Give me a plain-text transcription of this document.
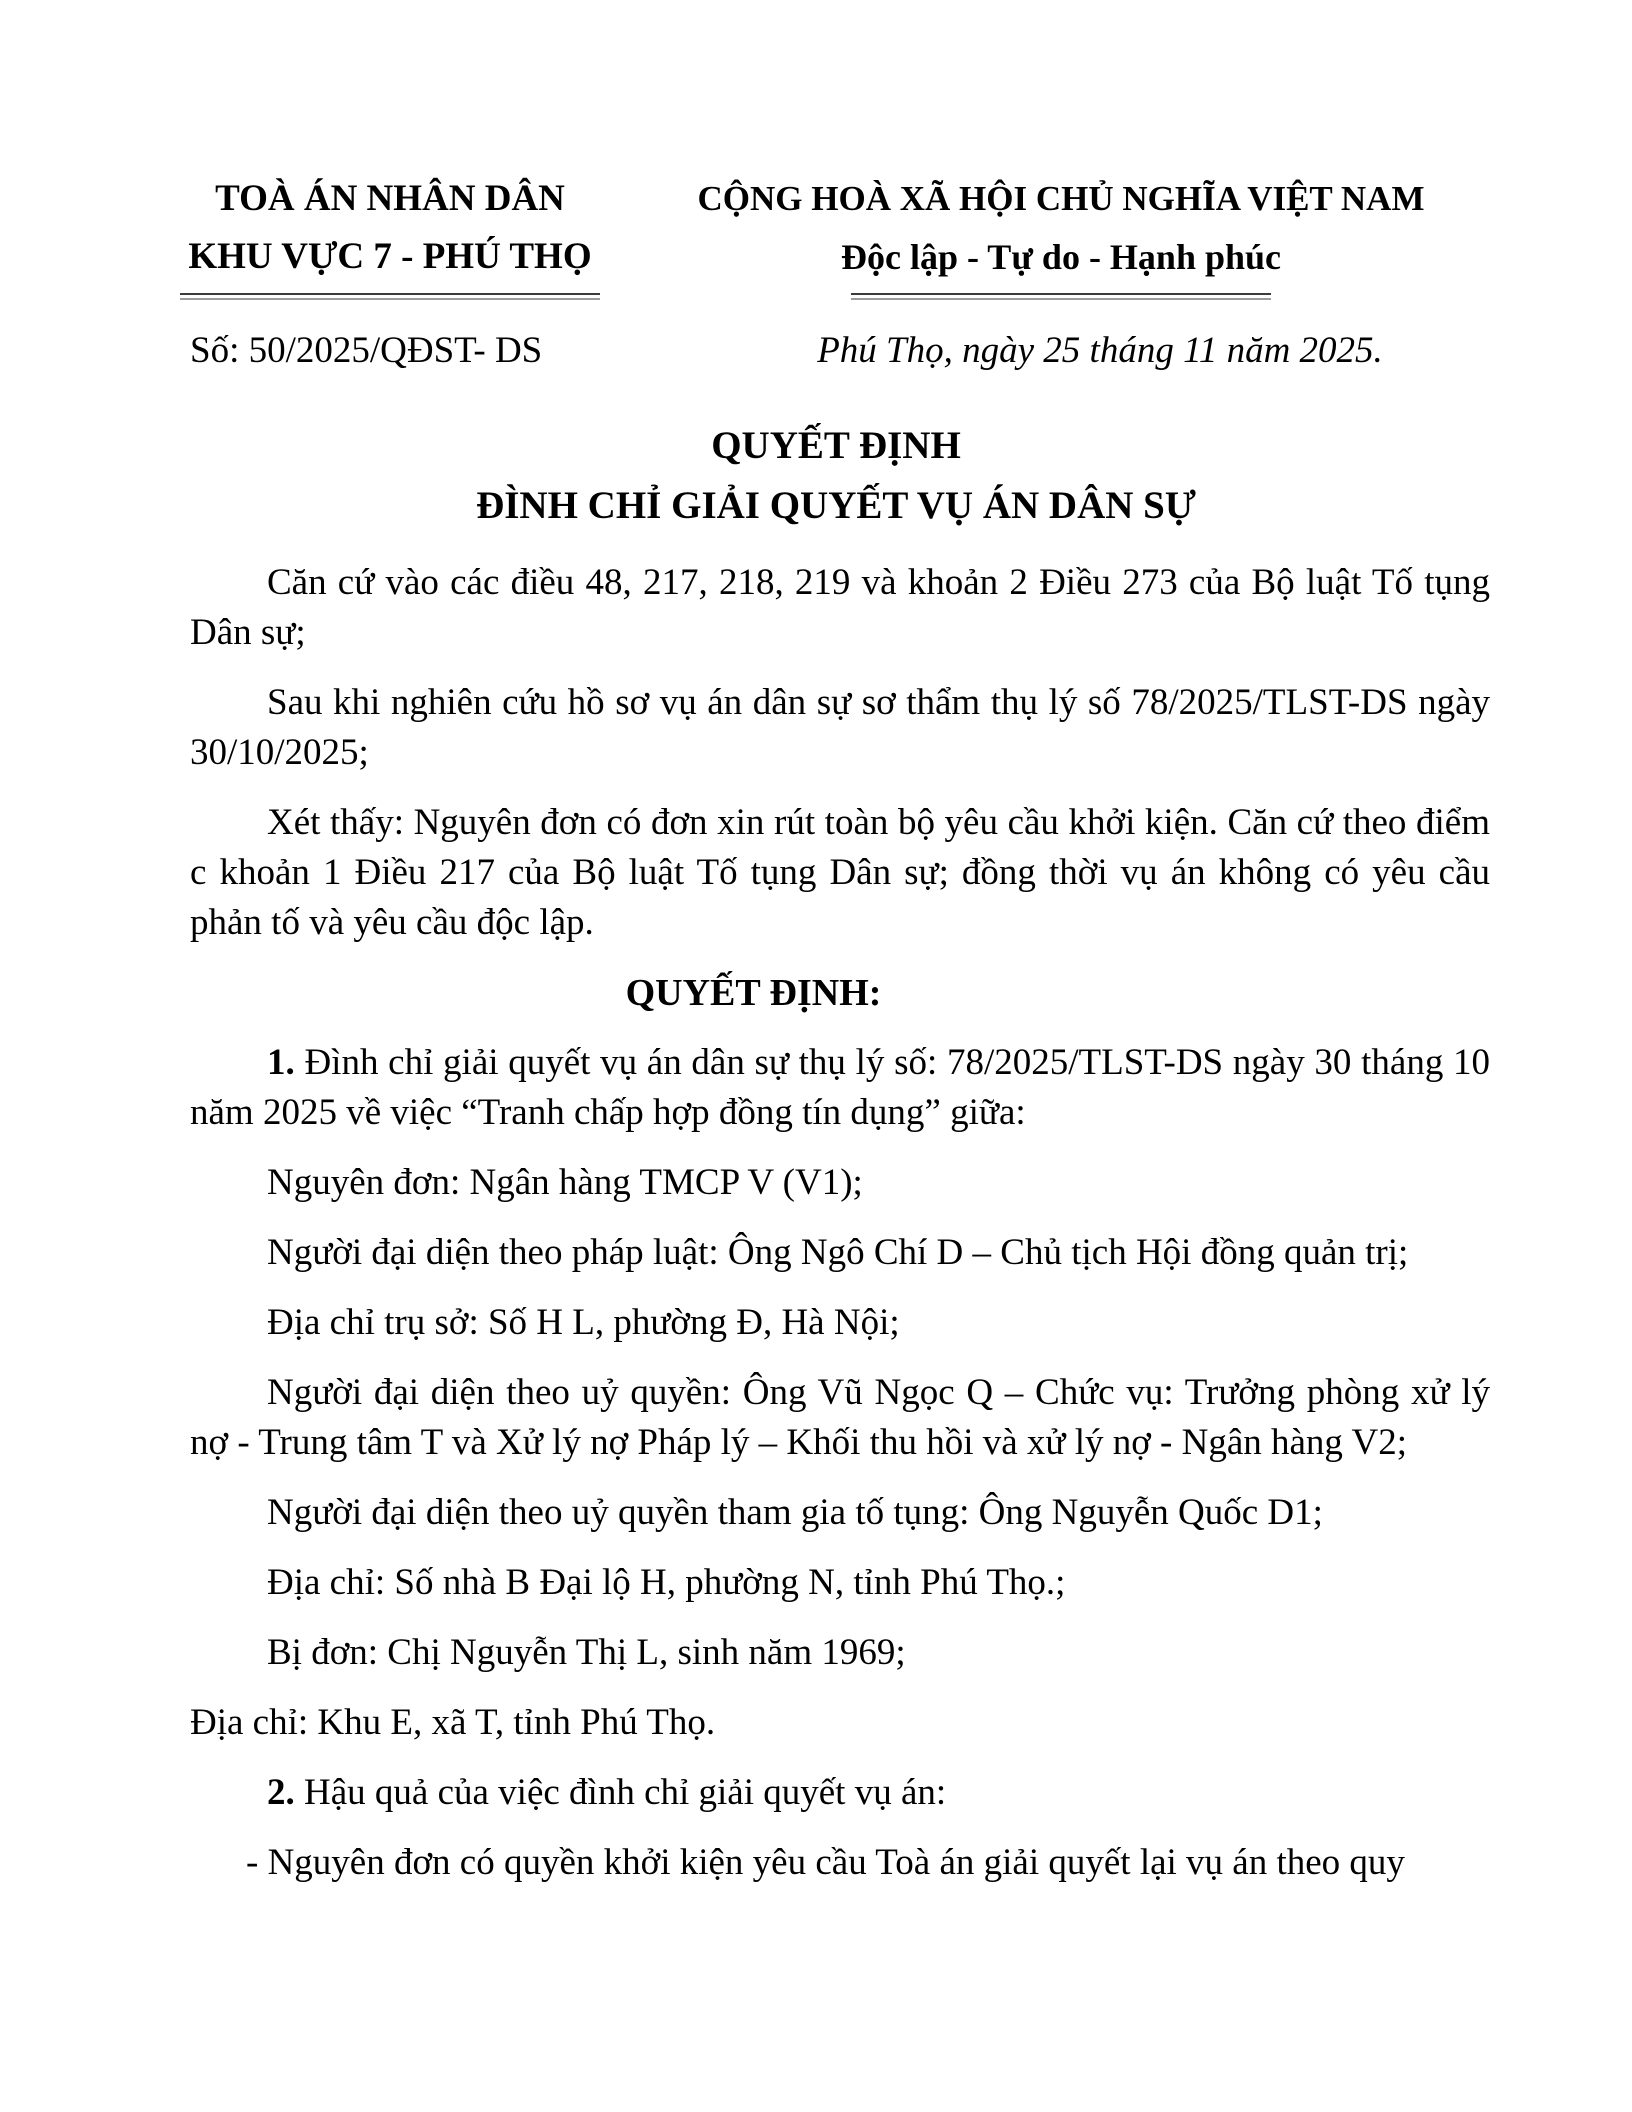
TOÀ ÁN NHÂN DÂN
KHU VỰC 7 - PHÚ THỌ
CỘNG HOÀ XÃ HỘI CHỦ NGHĨA VIỆT NAM
Độc lập - Tự do - Hạnh phúc
Số: 50/2025/QĐST- DS	Phú Thọ, ngày 25 tháng 11 năm 2025.
QUYẾT ĐỊNH
ĐÌNH CHỈ GIẢI QUYẾT VỤ ÁN DÂN SỰ

Căn cứ vào các điều 48, 217, 218, 219 và khoản 2 Điều 273 của Bộ luật Tố tụng Dân sự;

Sau khi nghiên cứu hồ sơ vụ án dân sự sơ thẩm thụ lý số 78/2025/TLST-DS ngày 30/10/2025;

Xét thấy: Nguyên đơn có đơn xin rút toàn bộ yêu cầu khởi kiện. Căn cứ theo điểm c khoản 1 Điều 217 của Bộ luật Tố tụng Dân sự; đồng thời vụ án không có yêu cầu phản tố và yêu cầu độc lập.

QUYẾT ĐỊNH:

1. Đình chỉ giải quyết vụ án dân sự thụ lý số: 78/2025/TLST-DS ngày 30 tháng 10 năm 2025 về việc “Tranh chấp hợp đồng tín dụng” giữa:

Nguyên đơn: Ngân hàng TMCP V (V1);

Người đại diện theo pháp luật: Ông Ngô Chí D – Chủ tịch Hội đồng quản trị;

Địa chỉ trụ sở: Số H L, phường Đ, Hà Nội;

Người đại diện theo uỷ quyền: Ông Vũ Ngọc Q – Chức vụ: Trưởng phòng xử lý nợ - Trung tâm T và Xử lý nợ Pháp lý – Khối thu hồi và xử lý nợ - Ngân hàng V2;

Người đại diện theo uỷ quyền tham gia tố tụng: Ông Nguyễn Quốc D1;

Địa chỉ: Số nhà B Đại lộ H, phường N, tỉnh Phú Thọ.;

Bị đơn: Chị Nguyễn Thị L, sinh năm 1969;

Địa chỉ: Khu E, xã T, tỉnh Phú Thọ.

2. Hậu quả của việc đình chỉ giải quyết vụ án:

- Nguyên đơn có quyền khởi kiện yêu cầu Toà án giải quyết lại vụ án theo quy
